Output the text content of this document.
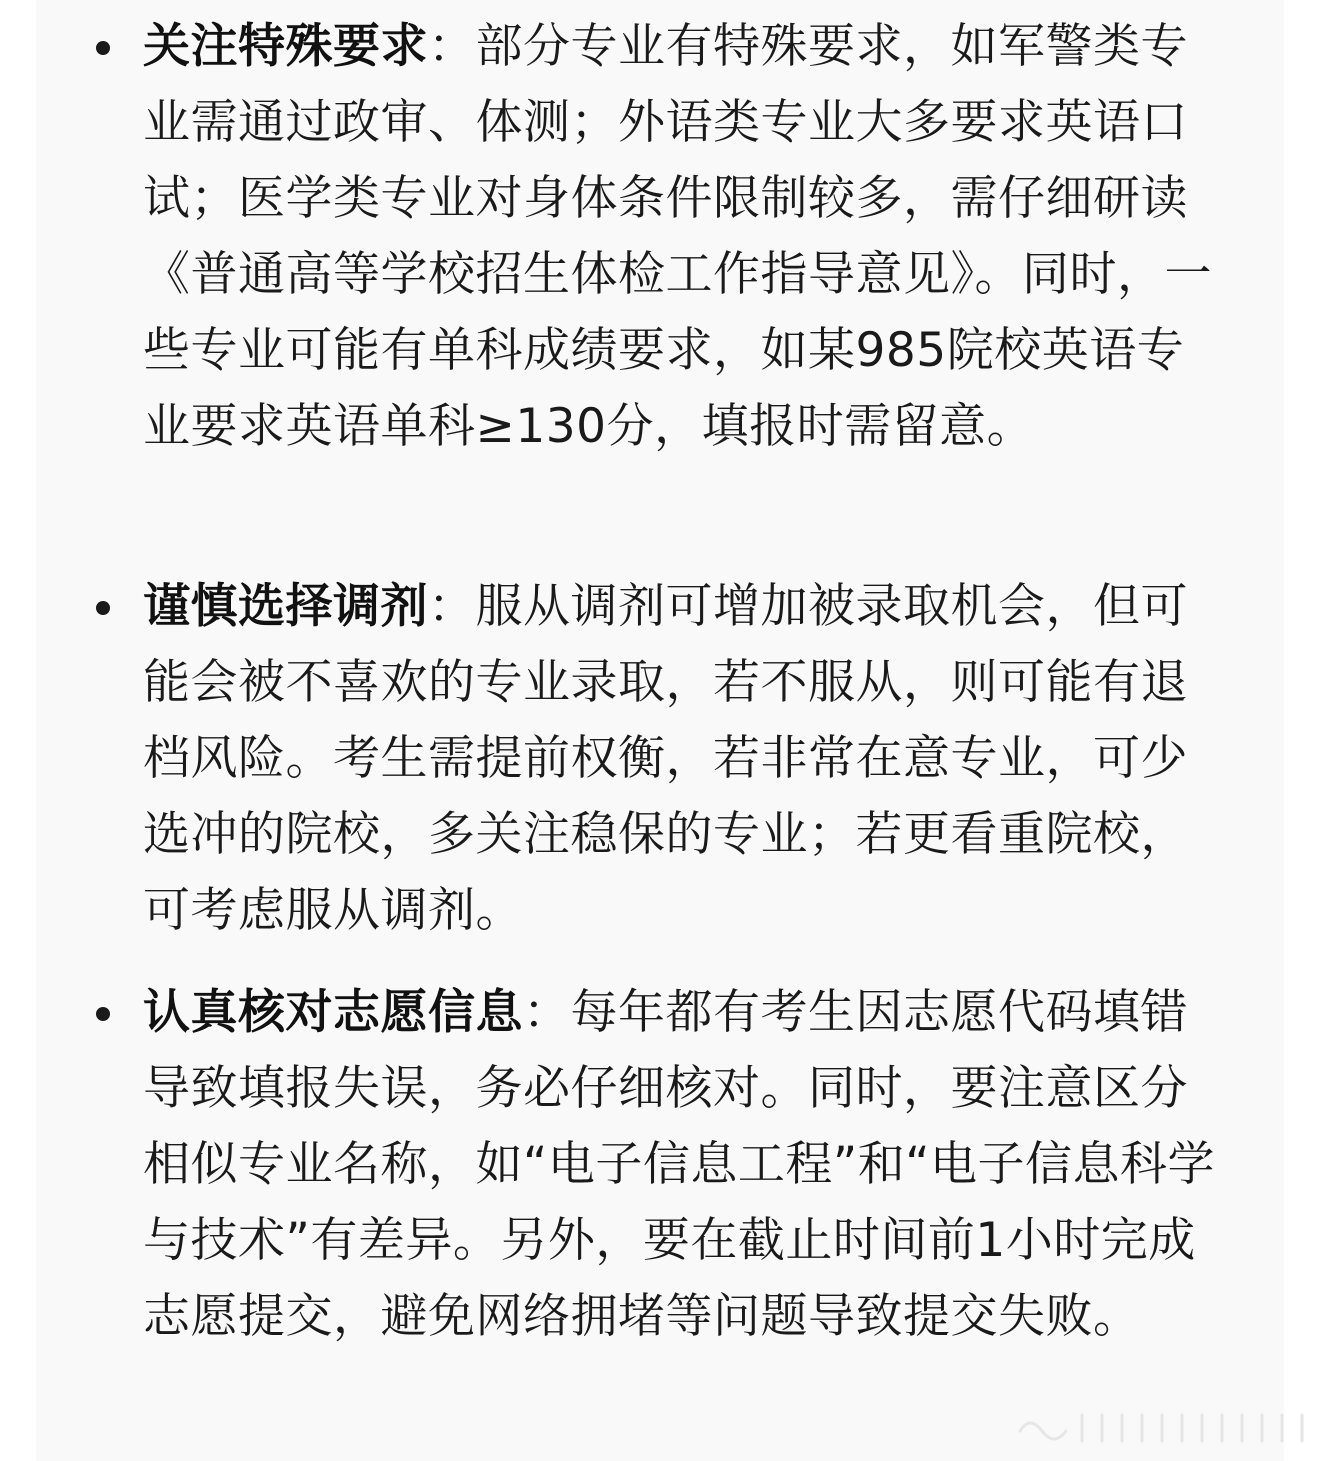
关注特殊要求：部分专业有特殊要求，如军警类专业需通过政审、体测；外语类专业大多要求英语口试；医学类专业对身体条件限制较多，需仔细研读《普通高等学校招生体检工作指导意见》。同时，一些专业可能有单科成绩要求，如某985院校英语专业要求英语单科≥130分，填报时需留意。
谨慎选择调剂：服从调剂可增加被录取机会，但可能会被不喜欢的专业录取，若不服从，则可能有退档风险。考生需提前权衡，若非常在意专业，可少选冲的院校，多关注稳保的专业；若更看重院校，可考虑服从调剂。
认真核对志愿信息：每年都有考生因志愿代码填错导致填报失误，务必仔细核对。同时，要注意区分相似专业名称，如“电子信息工程”和“电子信息科学与技术”有差异。另外，要在截止时间前1小时完成志愿提交，避免网络拥堵等问题导致提交失败。
